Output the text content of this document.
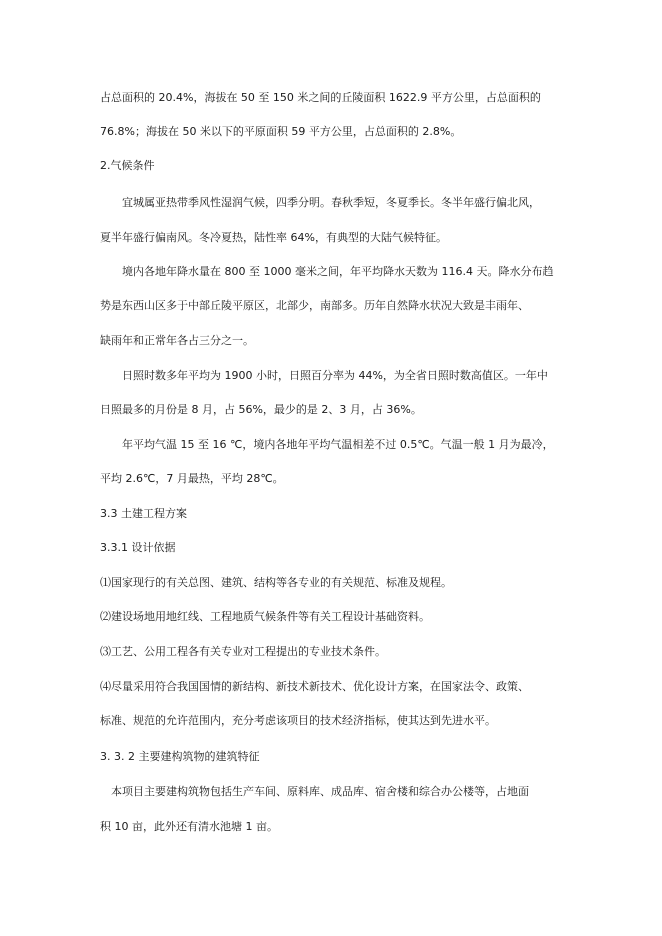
占总面积的 20.4%，海拔在 50 至 150 米之间的丘陵面积 1622.9 平方公里，占总面积的
76.8%；海拔在 50 米以下的平原面积 59 平方公里，占总面积的 2.8%。
2.气候条件
宜城属亚热带季风性湿润气候，四季分明。春秋季短，冬夏季长。冬半年盛行偏北风，
夏半年盛行偏南风。冬冷夏热，陆性率 64%，有典型的大陆气候特征。
境内各地年降水量在 800 至 1000 毫米之间，年平均降水天数为 116.4 天。降水分布趋
势是东西山区多于中部丘陵平原区，北部少，南部多。历年自然降水状况大致是丰雨年、
缺雨年和正常年各占三分之一。
日照时数多年平均为 1900 小时，日照百分率为 44%，为全省日照时数高值区。一年中
日照最多的月份是 8 月，占 56%，最少的是 2、3 月，占 36%。
年平均气温 15 至 16 ℃，境内各地年平均气温相差不过 0.5℃。气温一般 1 月为最冷，
平均 2.6℃，7 月最热，平均 28℃。
3.3 土建工程方案
3.3.1 设计依据
⑴国家现行的有关总图、建筑、结构等各专业的有关规范、标准及规程。
⑵建设场地用地红线、工程地质气候条件等有关工程设计基础资料。
⑶工艺、公用工程各有关专业对工程提出的专业技术条件。
⑷尽量采用符合我国国情的新结构、新技术新技术、优化设计方案，在国家法令、政策、
标准、规范的允许范围内，充分考虑该项目的技术经济指标，使其达到先进水平。
3. 3. 2 主要建构筑物的建筑特征
本项目主要建构筑物包括生产车间、原料库、成品库、宿舍楼和综合办公楼等，占地面
积 10 亩，此外还有清水池塘 1 亩。
